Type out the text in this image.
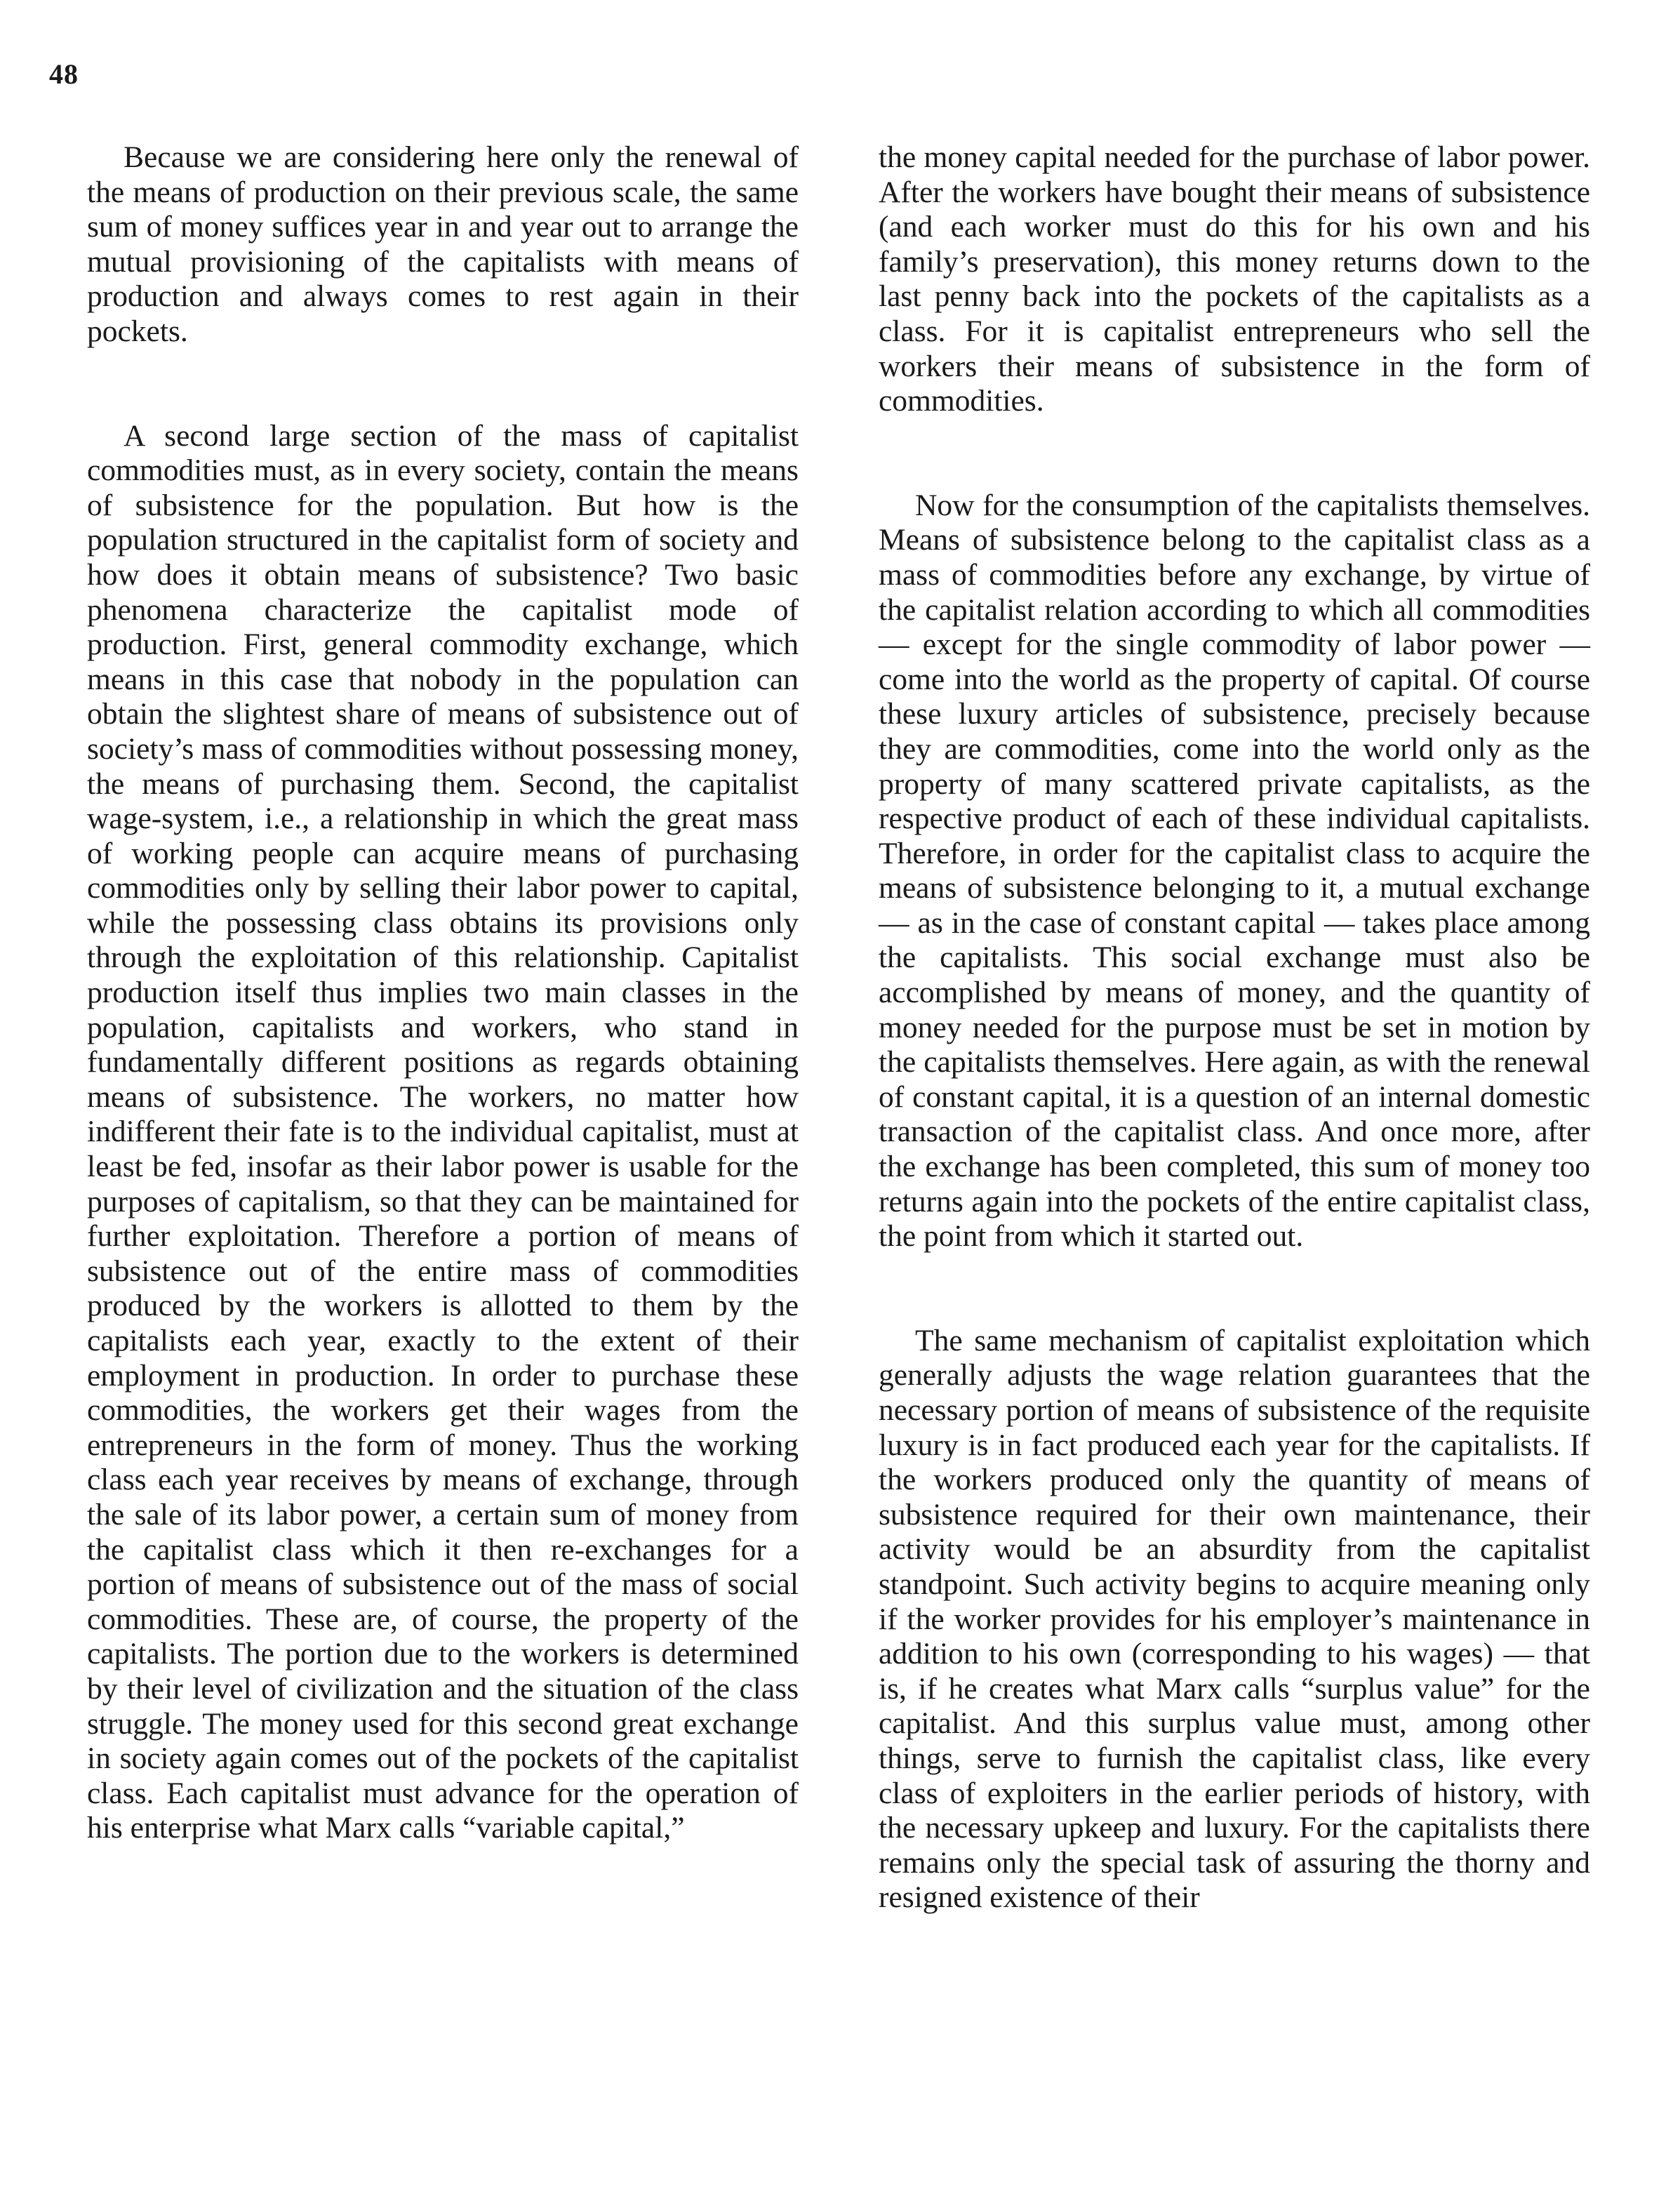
48

Because we are considering here only the renewal of the means of production on their previous scale, the same sum of money suffices year in and year out to arrange the mutual provisioning of the capitalists with means of production and always comes to rest again in their pockets.

A second large section of the mass of capitalist commodities must, as in every society, contain the means of subsistence for the population. But how is the population structured in the capitalist form of society and how does it obtain means of subsistence? Two basic phenomena characterize the capitalist mode of production. First, general commodity exchange, which means in this case that nobody in the population can obtain the slightest share of means of subsistence out of society’s mass of commodities without possessing money, the means of purchasing them. Second, the capitalist wage-system, i.e., a relationship in which the great mass of working people can acquire means of purchasing commodities only by selling their labor power to capital, while the possessing class obtains its provisions only through the exploitation of this relationship. Capitalist production itself thus implies two main classes in the population, capitalists and workers, who stand in fundamentally different positions as regards obtaining means of subsistence. The workers, no matter how indifferent their fate is to the individual capitalist, must at least be fed, insofar as their labor power is usable for the purposes of capitalism, so that they can be maintained for further exploitation. Therefore a portion of means of subsistence out of the entire mass of commodities produced by the workers is allotted to them by the capitalists each year, exactly to the extent of their employment in production. In order to purchase these commodities, the workers get their wages from the entrepreneurs in the form of money. Thus the working class each year receives by means of exchange, through the sale of its labor power, a certain sum of money from the capitalist class which it then re-exchanges for a portion of means of subsistence out of the mass of social commodities. These are, of course, the property of the capitalists. The portion due to the workers is determined by their level of civilization and the situation of the class struggle. The money used for this second great exchange in society again comes out of the pockets of the capitalist class. Each capitalist must advance for the operation of his enterprise what Marx calls “variable capital,”

the money capital needed for the purchase of labor power. After the workers have bought their means of subsistence (and each worker must do this for his own and his family’s preservation), this money returns down to the last penny back into the pockets of the capitalists as a class. For it is capitalist entrepreneurs who sell the workers their means of subsistence in the form of commodities.

Now for the consumption of the capitalists themselves. Means of subsistence belong to the capitalist class as a mass of commodities before any exchange, by virtue of the capitalist relation according to which all commodities — except for the single commodity of labor power — come into the world as the property of capital. Of course these luxury articles of subsistence, precisely because they are commodities, come into the world only as the property of many scattered private capitalists, as the respective product of each of these individual capitalists. Therefore, in order for the capitalist class to acquire the means of subsistence belonging to it, a mutual exchange — as in the case of constant capital — takes place among the capitalists. This social exchange must also be accomplished by means of money, and the quantity of money needed for the purpose must be set in motion by the capitalists themselves. Here again, as with the renewal of constant capital, it is a question of an internal domestic transaction of the capitalist class. And once more, after the exchange has been completed, this sum of money too returns again into the pockets of the entire capitalist class, the point from which it started out.

The same mechanism of capitalist exploitation which generally adjusts the wage relation guarantees that the necessary portion of means of subsistence of the requisite luxury is in fact produced each year for the capitalists. If the workers produced only the quantity of means of subsistence required for their own maintenance, their activity would be an absurdity from the capitalist standpoint. Such activity begins to acquire meaning only if the worker provides for his employer’s maintenance in addition to his own (corresponding to his wages) — that is, if he creates what Marx calls “surplus value” for the capitalist. And this surplus value must, among other things, serve to furnish the capitalist class, like every class of exploiters in the earlier periods of history, with the necessary upkeep and luxury. For the capitalists there remains only the special task of assuring the thorny and resigned existence of their
